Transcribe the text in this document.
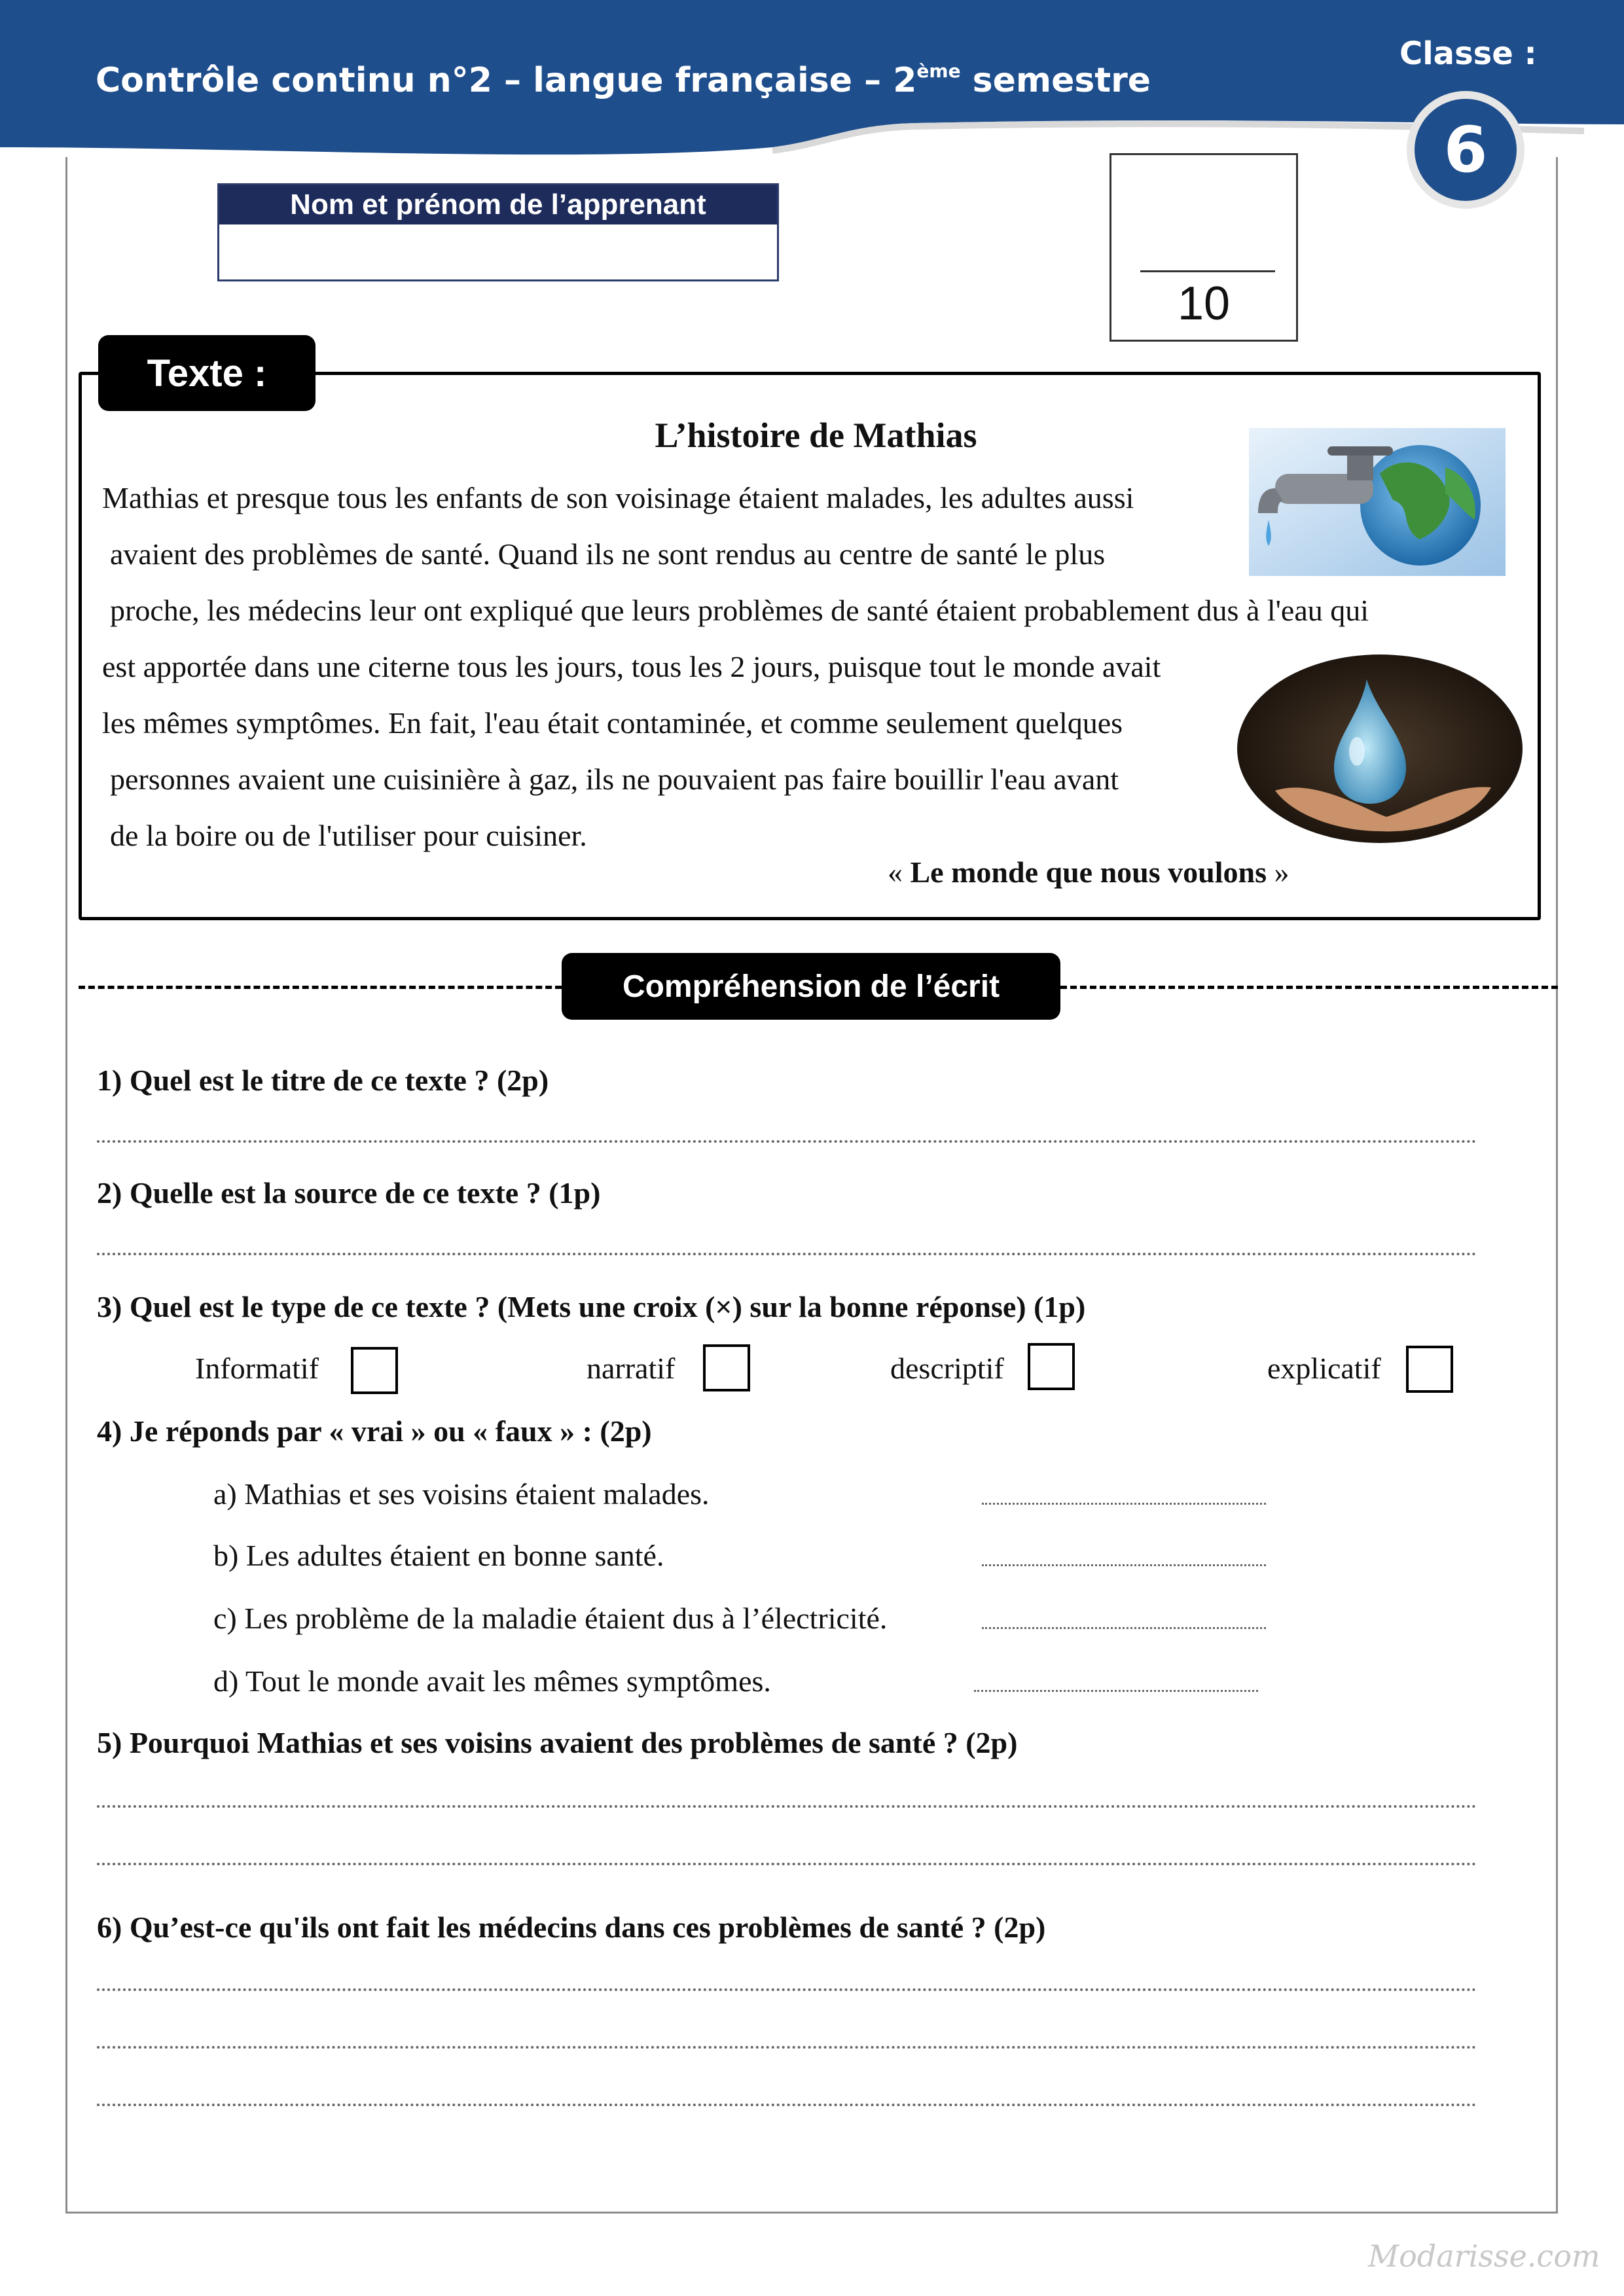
Contrôle continu n°2 – langue française – 2ème semestre
Classe :
6
Nom et prénom de l’apprenant
10
Texte :
L’histoire de Mathias
Mathias et presque tous les enfants de son voisinage étaient malades, les adultes aussi
avaient des problèmes de santé. Quand ils ne sont rendus au centre de santé le plus
proche, les médecins leur ont expliqué que leurs problèmes de santé étaient probablement dus à l'eau qui
est apportée dans une citerne tous les jours, tous les 2 jours, puisque tout le monde avait
les mêmes symptômes. En fait, l'eau était contaminée, et comme seulement quelques
personnes avaient une cuisinière à gaz, ils ne pouvaient pas faire bouillir l'eau avant
de la boire ou de l'utiliser pour cuisiner.
« Le monde que nous voulons »
Compréhension de l’écrit
1) Quel est le titre de ce texte ? (2p)
2) Quelle est la source de ce texte ? (1p)
3) Quel est le type de ce texte ? (Mets une croix (×) sur la bonne réponse) (1p)
Informatif	narratif	descriptif	explicatif
4) Je réponds par « vrai » ou « faux » : (2p)
a) Mathias et ses voisins étaient malades.
b) Les adultes étaient en bonne santé.
c) Les problème de la maladie étaient dus à l’électricité.
d) Tout le monde avait les mêmes symptômes.
5) Pourquoi Mathias et ses voisins avaient des problèmes de santé ? (2p)
6) Qu’est-ce qu'ils ont fait les médecins dans ces problèmes de santé ? (2p)
Modarisse.com
